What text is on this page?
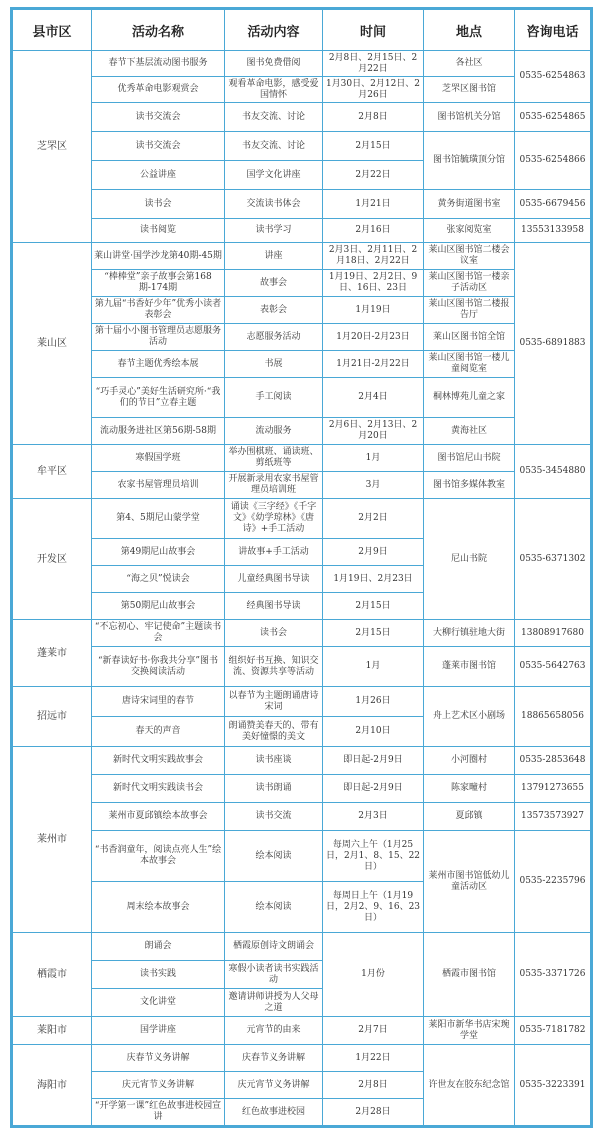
县市区	活动名称	活动内容	时间	地点	咨询电话
芝罘区	春节下基层流动图书服务	图书免费借阅	2月8日、2月15日、2月22日	各社区	0535-6254863
	优秀革命电影观赏会	观看革命电影，感受爱国情怀	1月30日、2月12日、2月26日	芝罘区图书馆	
	读书交流会	书友交流、讨论	2月8日	图书馆机关分馆	0535-6254865
	读书交流会	书友交流、讨论	2月15日	图书馆毓璜顶分馆	0535-6254866
	公益讲座	国学文化讲座	2月22日		
	读书会	交流读书体会	1月21日	黄务街道图书室	0535-6679456
	读书阅览	读书学习	2月16日	张家阅览室	13553133958
莱山区	莱山讲堂·国学沙龙第40期-45期	讲座	2月3日、2月11日、2月18日、2月22日	莱山区图书馆二楼会议室	0535-6891883
	“棒棒堂”亲子故事会第168期-174期	故事会	1月19日、2月2日、9日、16日、23日	莱山区图书馆一楼亲子活动区	
	第九届“书香好少年”优秀小读者表彰会	表彰会	1月19日	莱山区图书馆二楼报告厅	
	第十届小小图书管理员志愿服务活动	志愿服务活动	1月20日-2月23日	莱山区图书馆全馆	
	春节主题优秀绘本展	书展	1月21日-2月22日	莱山区图书馆一楼儿童阅览室	
	“巧手灵心”美好生活研究所·“我们的节日”立春主题	手工阅读	2月4日	桐林博苑儿童之家	
	流动服务进社区第56期-58期	流动服务	2月6日、2月13日、2月20日	黄海社区	
牟平区	寒假国学班	举办围棋班、诵读班、剪纸班等	1月	图书馆尼山书院	0535-3454880
	农家书屋管理员培训	开展新录用农家书屋管理员培训班	3月	图书馆多媒体教室	
开发区	第4、5期尼山蒙学堂	诵读《三字经》《千字文》《幼学琼林》《唐诗》+手工活动	2月2日	尼山书院	0535-6371302
	第49期尼山故事会	讲故事+手工活动	2月9日		
	“海之贝”悦读会	儿童经典图书导读	1月19日、2月23日		
	第50期尼山故事会	经典图书导读	2月15日		
蓬莱市	“不忘初心、牢记使命”主题读书会	读书会	2月15日	大柳行镇驻地大街	13808917680
	“新春读好书·你我共分享”图书交换阅读活动	组织好书互换、知识交流、资源共享等活动	1月	蓬莱市图书馆	0535-5642763
招远市	唐诗宋词里的春节	以春节为主题朗诵唐诗宋词	1月26日	舟上艺术区小剧场	18865658056
	春天的声音	朗诵赞美春天的、带有美好憧憬的美文	2月10日		
莱州市	新时代文明实践故事会	读书座谈	即日起-2月9日	小河圈村	0535-2853648
	新时代文明实践读书会	读书朗诵	即日起-2月9日	陈家疃村	13791273655
	莱州市夏邱镇绘本故事会	读书交流	2月3日	夏邱镇	13573573927
	“书香润童年，阅读点亮人生”绘本故事会	绘本阅读	每周六上午（1月25日，2月1、8、15、22日）	莱州市图书馆低幼儿童活动区	0535-2235796
	周末绘本故事会	绘本阅读	每周日上午（1月19日，2月2、9、16、23日）		
栖霞市	朗诵会	栖霞原创诗文朗诵会	1月份	栖霞市图书馆	0535-3371726
	读书实践	寒假小读者读书实践活动			
	文化讲堂	邀请讲师讲授为人父母之道			
莱阳市	国学讲座	元宵节的由来	2月7日	莱阳市新华书店宋琬学堂	0535-7181782
海阳市	庆春节义务讲解	庆春节义务讲解	1月22日	许世友在胶东纪念馆	0535-3223391
	庆元宵节义务讲解	庆元宵节义务讲解	2月8日		
	“开学第一课”红色故事进校园宣讲	红色故事进校园	2月28日		
